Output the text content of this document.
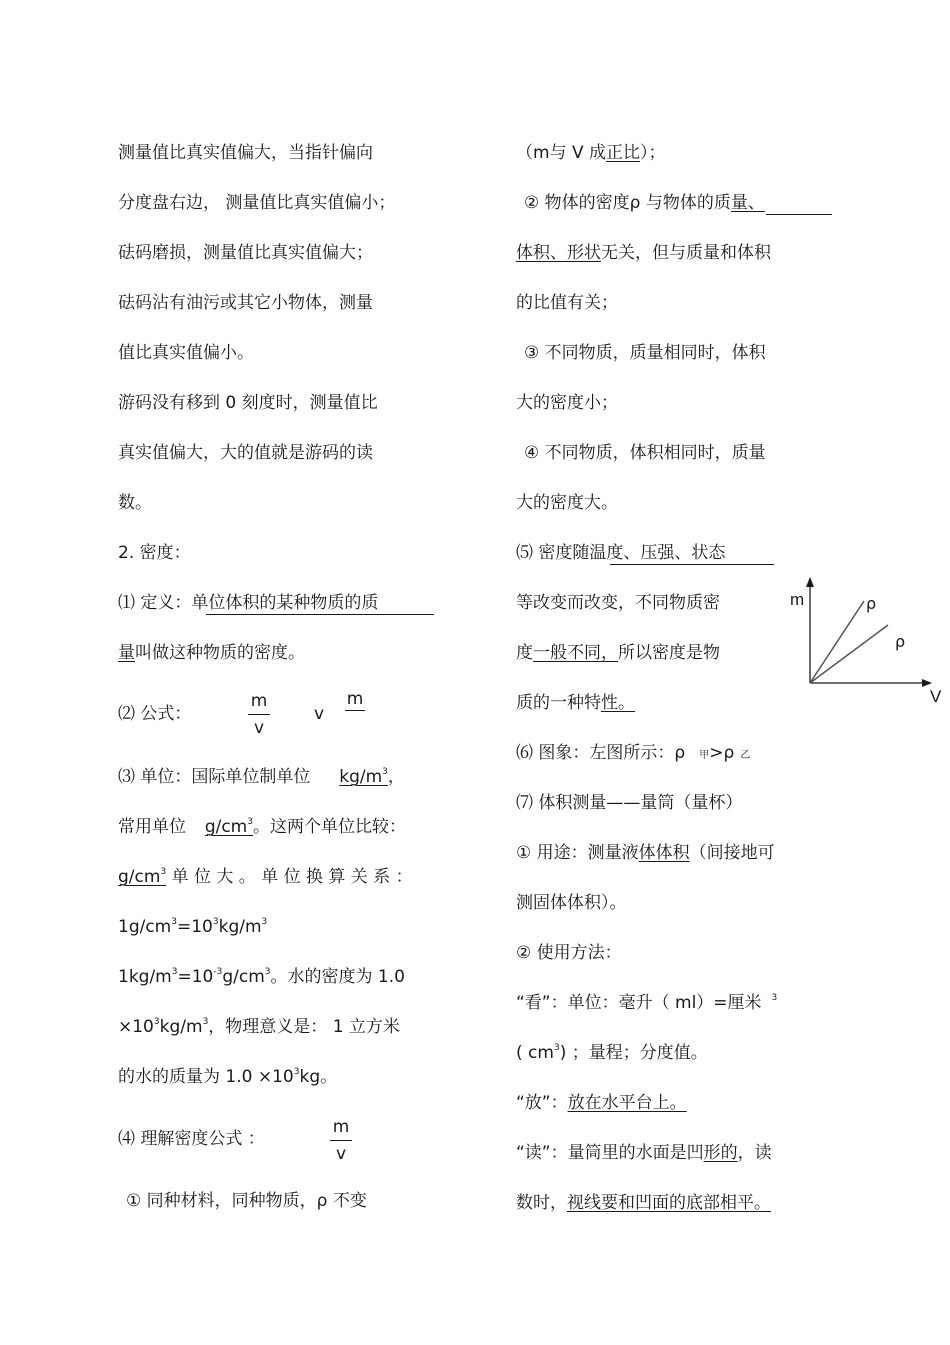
测量值比真实值偏大，当指针偏向
分度盘右边， 测量值比真实值偏小；
砝码磨损，测量值比真实值偏大；
砝码沾有油污或其它小物体，测量
值比真实值偏小。
游码没有移到 0 刻度时，测量值比
真实值偏大，大的值就是游码的读
数。
2. 密度：
⑴ 定义：单位体积的某种物质的质
量叫做这种物质的密度。
⑵ 公式：
m
v
v
m
⑶ 单位：国际单位制单位 $kg/m^3$，
常用单位 $g/cm^3$。这两个单位比较：
$g/cm^3$ 单 位 大 。 单 位 换 算 关 系 ：
$1g/cm^3=10^3kg/m^3$
$1kg/m^3=10^{-3}g/cm^3$。水的密度为 1.0
$\times 10^3kg/m^3$，物理意义是： 1 立方米
的水的质量为 $1.0 \times 10^3kg$。
⑷ 理解密度公式 ：
m
v
① 同种材料，同种物质，ρ 不变
（m与 V 成正比）；
② 物体的密度ρ 与物体的质量、
体积、形状无关，但与质量和体积
的比值有关；
③ 不同物质，质量相同时，体积
大的密度小；
④ 不同物质，体积相同时，质量
大的密度大。
⑸ 密度随温度、压强、状态
等改变而改变，不同物质密
度一般不同，所以密度是物
质的一种特性。
⑹ 图象：左图所示：ρ 甲>ρ 乙
⑺ 体积测量——量筒（量杯）
① 用途：测量液体体积（间接地可
测固体体积）。
② 使用方法：
“看”：单位：毫升（ ml）=厘米 $^3$
( $cm^3$) ；量程；分度值。
“放”：放在水平台上。
“读”：量筒里的水面是凹形的，读
数时，视线要和凹面的底部相平。
m
V
ρ
ρ
